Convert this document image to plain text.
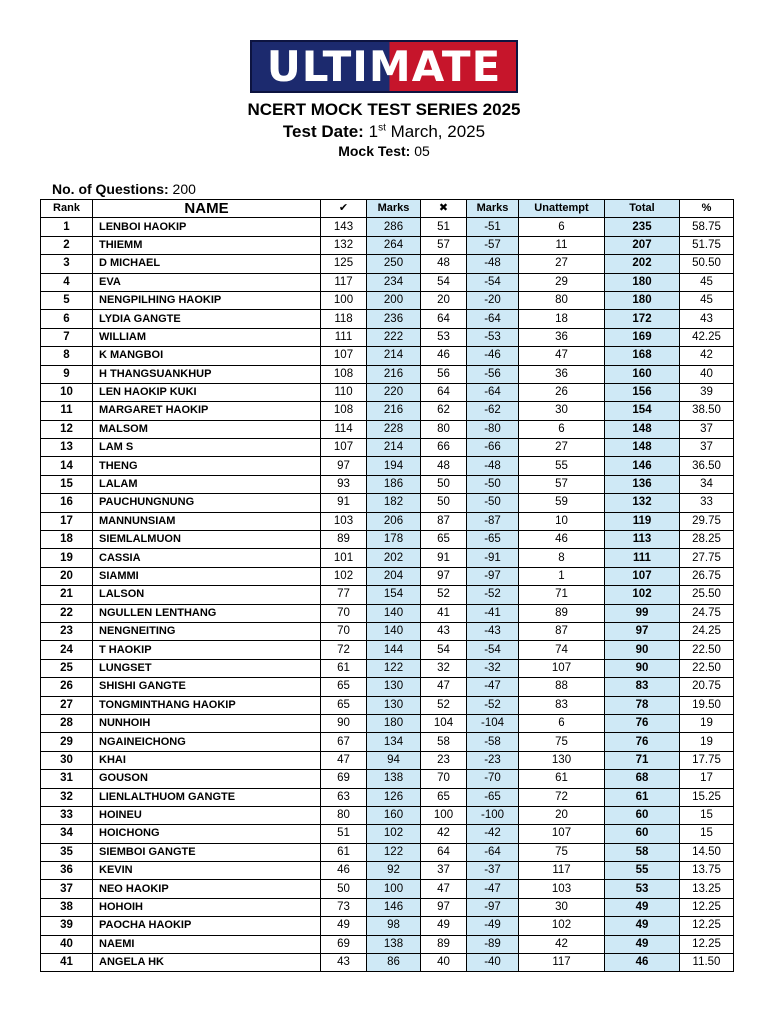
ULTIMATE
NCERT MOCK TEST SERIES 2025
Test Date: 1st March, 2025
Mock Test: 05
No. of Questions: 200
Rank	NAME	✔	Marks	✖	Marks	Unattempt	Total	%
1	LENBOI HAOKIP	143	286	51	-51	6	235	58.75
2	THIEMM	132	264	57	-57	11	207	51.75
3	D MICHAEL	125	250	48	-48	27	202	50.50
4	EVA	117	234	54	-54	29	180	45
5	NENGPILHING HAOKIP	100	200	20	-20	80	180	45
6	LYDIA GANGTE	118	236	64	-64	18	172	43
7	WILLIAM	111	222	53	-53	36	169	42.25
8	K MANGBOI	107	214	46	-46	47	168	42
9	H THANGSUANKHUP	108	216	56	-56	36	160	40
10	LEN HAOKIP KUKI	110	220	64	-64	26	156	39
11	MARGARET HAOKIP	108	216	62	-62	30	154	38.50
12	MALSOM	114	228	80	-80	6	148	37
13	LAM S	107	214	66	-66	27	148	37
14	THENG	97	194	48	-48	55	146	36.50
15	LALAM	93	186	50	-50	57	136	34
16	PAUCHUNGNUNG	91	182	50	-50	59	132	33
17	MANNUNSIAM	103	206	87	-87	10	119	29.75
18	SIEMLALMUON	89	178	65	-65	46	113	28.25
19	CASSIA	101	202	91	-91	8	111	27.75
20	SIAMMI	102	204	97	-97	1	107	26.75
21	LALSON	77	154	52	-52	71	102	25.50
22	NGULLEN LENTHANG	70	140	41	-41	89	99	24.75
23	NENGNEITING	70	140	43	-43	87	97	24.25
24	T HAOKIP	72	144	54	-54	74	90	22.50
25	LUNGSET	61	122	32	-32	107	90	22.50
26	SHISHI GANGTE	65	130	47	-47	88	83	20.75
27	TONGMINTHANG HAOKIP	65	130	52	-52	83	78	19.50
28	NUNHOIH	90	180	104	-104	6	76	19
29	NGAINEICHONG	67	134	58	-58	75	76	19
30	KHAI	47	94	23	-23	130	71	17.75
31	GOUSON	69	138	70	-70	61	68	17
32	LIENLALTHUOM GANGTE	63	126	65	-65	72	61	15.25
33	HOINEU	80	160	100	-100	20	60	15
34	HOICHONG	51	102	42	-42	107	60	15
35	SIEMBOI GANGTE	61	122	64	-64	75	58	14.50
36	KEVIN	46	92	37	-37	117	55	13.75
37	NEO HAOKIP	50	100	47	-47	103	53	13.25
38	HOHOIH	73	146	97	-97	30	49	12.25
39	PAOCHA HAOKIP	49	98	49	-49	102	49	12.25
40	NAEMI	69	138	89	-89	42	49	12.25
41	ANGELA HK	43	86	40	-40	117	46	11.50
